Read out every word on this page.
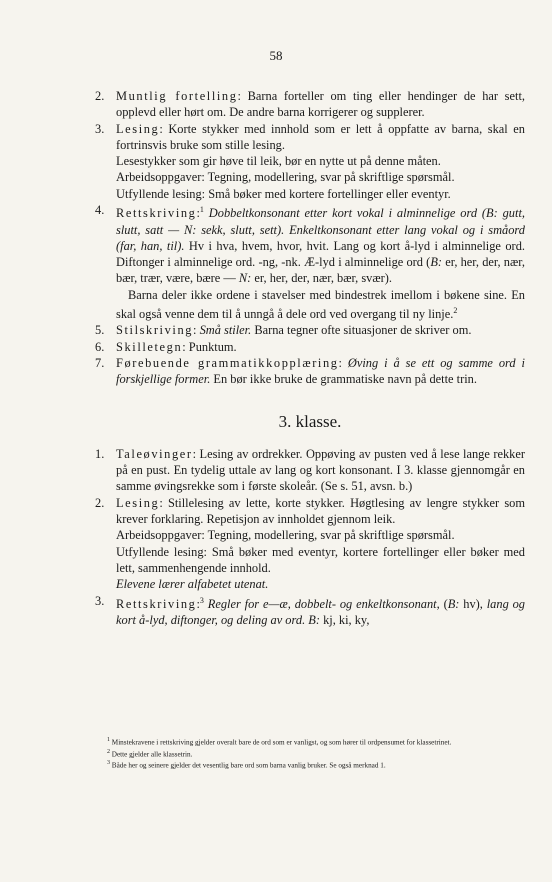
58
2. Muntlig fortelling: Barna forteller om ting eller hendinger de har sett, opplevd eller hørt om. De andre barna korrigerer og supplerer.

3. Lesing: Korte stykker med innhold som er lett å oppfatte av barna, skal en fortrinsvis bruke som stille lesing.

Lesestykker som gir høve til leik, bør en nytte ut på denne måten.

Arbeidsoppgaver: Tegning, modellering, svar på skriftlige spørsmål.

Utfyllende lesing: Små bøker med kortere fortellinger eller eventyr.

4. Rettskriving:$^1$ Dobbeltkonsonant etter kort vokal i alminnelige ord (B: gutt, slutt, satt — N: sekk, slutt, sett). Enkeltkonsonant etter lang vokal og i småord (far, han, til). Hv i hva, hvem, hvor, hvit. Lang og kort å-lyd i alminnelige ord. Diftonger i alminnelige ord. -ng, -nk. Æ-lyd i alminnelige ord (B: er, her, der, nær, bær, trær, være, bære — N: er, her, der, nær, bær, svær).

Barna deler ikke ordene i stavelser med bindestrek imellom i bøkene sine. En skal også venne dem til å unngå å dele ord ved overgang til ny linje.$^2$

5. Stilskriving: Små stiler. Barna tegner ofte situasjoner de skriver om.

6. Skilletegn: Punktum.

7. Førebuende grammatikkopplæring: Øving i å se ett og samme ord i forskjellige former. En bør ikke bruke de grammatiske navn på dette trin.

3. klasse.
1. Taleøvinger: Lesing av ordrekker. Oppøving av pusten ved å lese lange rekker på en pust. En tydelig uttale av lang og kort konsonant. I 3. klasse gjennomgår en samme øvingsrekke som i første skoleår. (Se s. 51, avsn. b.)

2. Lesing: Stillelesing av lette, korte stykker. Høgtlesing av lengre stykker som krever forklaring. Repetisjon av innholdet gjennom leik.

Arbeidsoppgaver: Tegning, modellering, svar på skriftlige spørsmål.

Utfyllende lesing: Små bøker med eventyr, kortere fortellinger eller bøker med lett, sammenhengende innhold.

Elevene lærer alfabetet utenat.

3. Rettskriving:$^3$ Regler for e—æ, dobbelt- og enkeltkonsonant, (B: hv), lang og kort å-lyd, diftonger, og deling av ord. B: kj, ki, ky,

$^1$ Minstekravene i rettskriving gjelder overalt bare de ord som er vanligst, og som hører til ordpensumet for klassetrinet.

$^2$ Dette gjelder alle klassetrin.

$^3$ Både her og seinere gjelder det vesentlig bare ord som barna vanlig bruker. Se også merknad 1.
